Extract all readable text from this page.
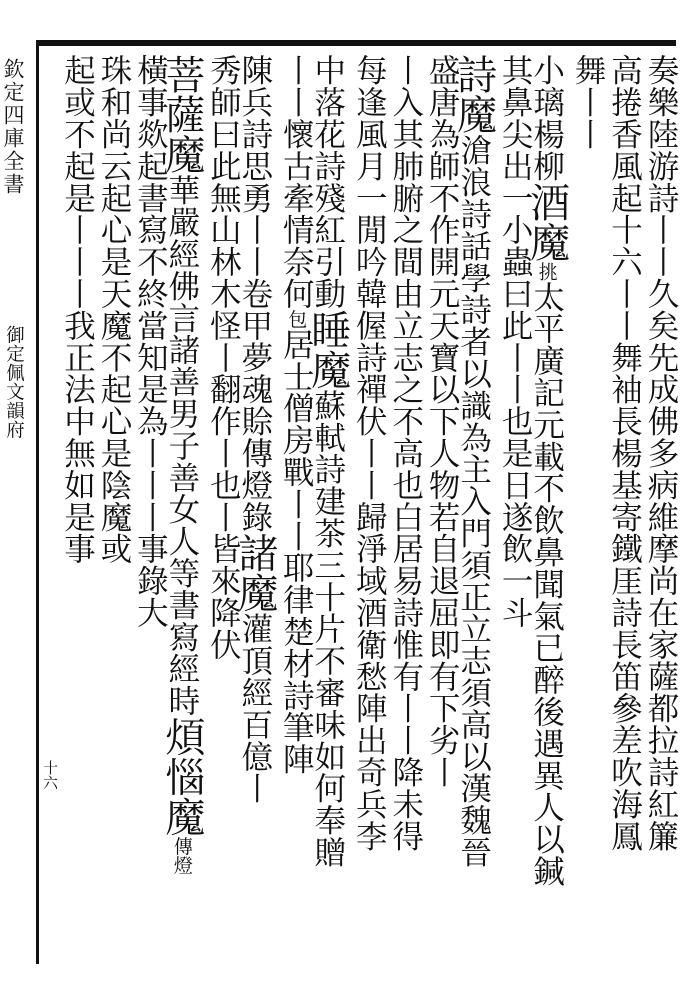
欽定四庫全書
御定佩文韻府
十六	奏樂陸游詩丨丨久矣先成佛多病維摩尚在家薩都拉詩紅簾
高捲香風起十六丨丨舞袖長楊基寄鐵厓詩長笛參差吹海鳳
舞丨丨
小璃楊柳酒魔挑太平廣記元載不飲鼻聞氣已醉後遇異人以鍼
其鼻尖出一小蟲曰此丨丨也是日遂飲一斗
詩魔滄浪詩話學詩者以識為主入門須正立志須高以漢魏晉
盛唐為師不作開元天寶以下人物若自退屈即有下劣丨
丨入其肺腑之間由立志之不高也白居易詩惟有丨丨降未得
每逢風月一閒吟韓偓詩禪伏丨丨歸淨域酒衛愁陣出奇兵李
中落花詩殘紅引動睡魔蘇軾詩建茶三十片不審味如何奉贈
丨丨懷古牽情奈何包居士僧房戰丨丨耶律楚材詩筆陣
陳兵詩思勇丨丨卷甲夢魂賒傳燈錄諸魔灌頂經百億丨
秀師曰此無山林木怪丨翻作丨也丨皆來降伏
菩薩魔華嚴經佛言諸善男子善女人等書寫經時煩惱魔傳燈
橫事欻起書寫不終當知是為丨丨丨事錄大
珠和尚云起心是天魔不起心是陰魔或
起或不起是丨丨丨我正法中無如是事
